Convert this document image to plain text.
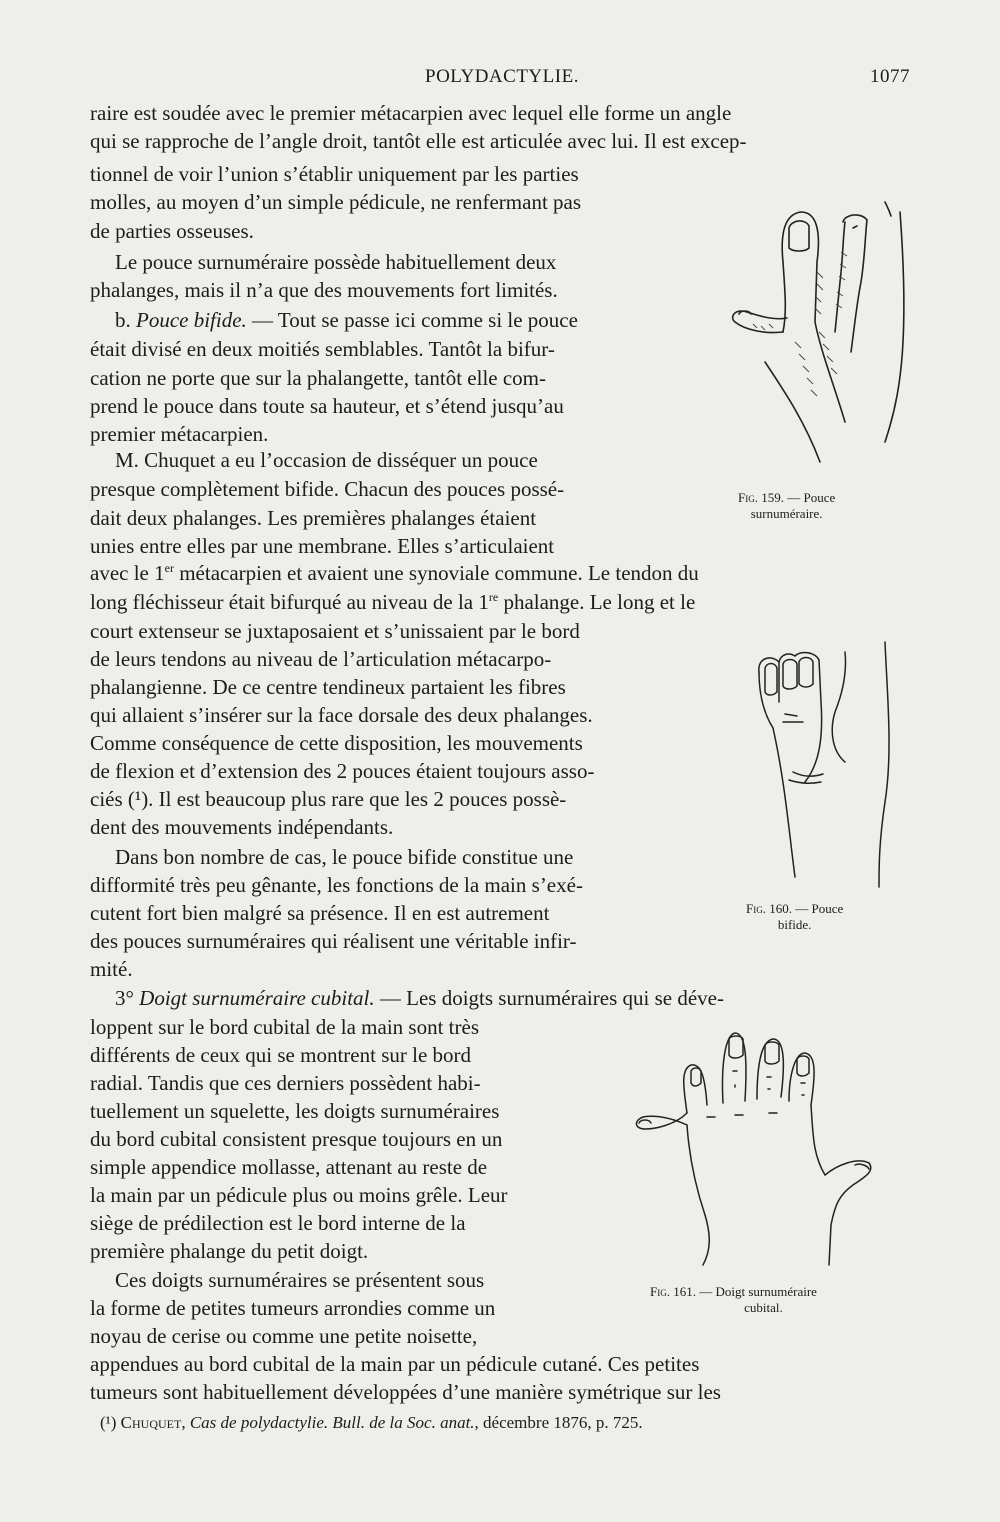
POLYDACTYLIE.	1077
raire est soudée avec le premier métacarpien avec lequel elle forme un angle
qui se rapproche de l’angle droit, tantôt elle est articulée avec lui. Il est excep-
tionnel de voir l’union s’établir uniquement par les parties
molles, au moyen d’un simple pédicule, ne renfermant pas
de parties osseuses.
Le pouce surnuméraire possède habituellement deux
phalanges, mais il n’a que des mouvements fort limités.
b. Pouce bifide. — Tout se passe ici comme si le pouce
était divisé en deux moitiés semblables. Tantôt la bifur-
cation ne porte que sur la phalangette, tantôt elle com-
prend le pouce dans toute sa hauteur, et s’étend jusqu’au
premier métacarpien.
M. Chuquet a eu l’occasion de disséquer un pouce
presque complètement bifide. Chacun des pouces possé-
dait deux phalanges. Les premières phalanges étaient
unies entre elles par une membrane. Elles s’articulaient
avec le 1er métacarpien et avaient une synoviale commune. Le tendon du
long fléchisseur était bifurqué au niveau de la 1re phalange. Le long et le
court extenseur se juxtaposaient et s’unissaient par le bord
de leurs tendons au niveau de l’articulation métacarpo-
phalangienne. De ce centre tendineux partaient les fibres
qui allaient s’insérer sur la face dorsale des deux phalanges.
Comme conséquence de cette disposition, les mouvements
de flexion et d’extension des 2 pouces étaient toujours asso-
ciés (¹). Il est beaucoup plus rare que les 2 pouces possè-
dent des mouvements indépendants.
Dans bon nombre de cas, le pouce bifide constitue une
difformité très peu gênante, les fonctions de la main s’exé-
cutent fort bien malgré sa présence. Il en est autrement
des pouces surnuméraires qui réalisent une véritable infir-
mité.
3° Doigt surnuméraire cubital. — Les doigts surnuméraires qui se déve-
loppent sur le bord cubital de la main sont très
différents de ceux qui se montrent sur le bord
radial. Tandis que ces derniers possèdent habi-
tuellement un squelette, les doigts surnuméraires
du bord cubital consistent presque toujours en un
simple appendice mollasse, attenant au reste de
la main par un pédicule plus ou moins grêle. Leur
siège de prédilection est le bord interne de la
première phalange du petit doigt.
Ces doigts surnuméraires se présentent sous
la forme de petites tumeurs arrondies comme un
noyau de cerise ou comme une petite noisette,
appendues au bord cubital de la main par un pédicule cutané. Ces petites
tumeurs sont habituellement développées d’une manière symétrique sur les
Fig. 159. — Pouce
surnuméraire.
Fig. 160. — Pouce
bifide.
Fig. 161. — Doigt surnuméraire
cubital.
(¹) Chuquet, Cas de polydactylie. Bull. de la Soc. anat., décembre 1876, p. 725.
